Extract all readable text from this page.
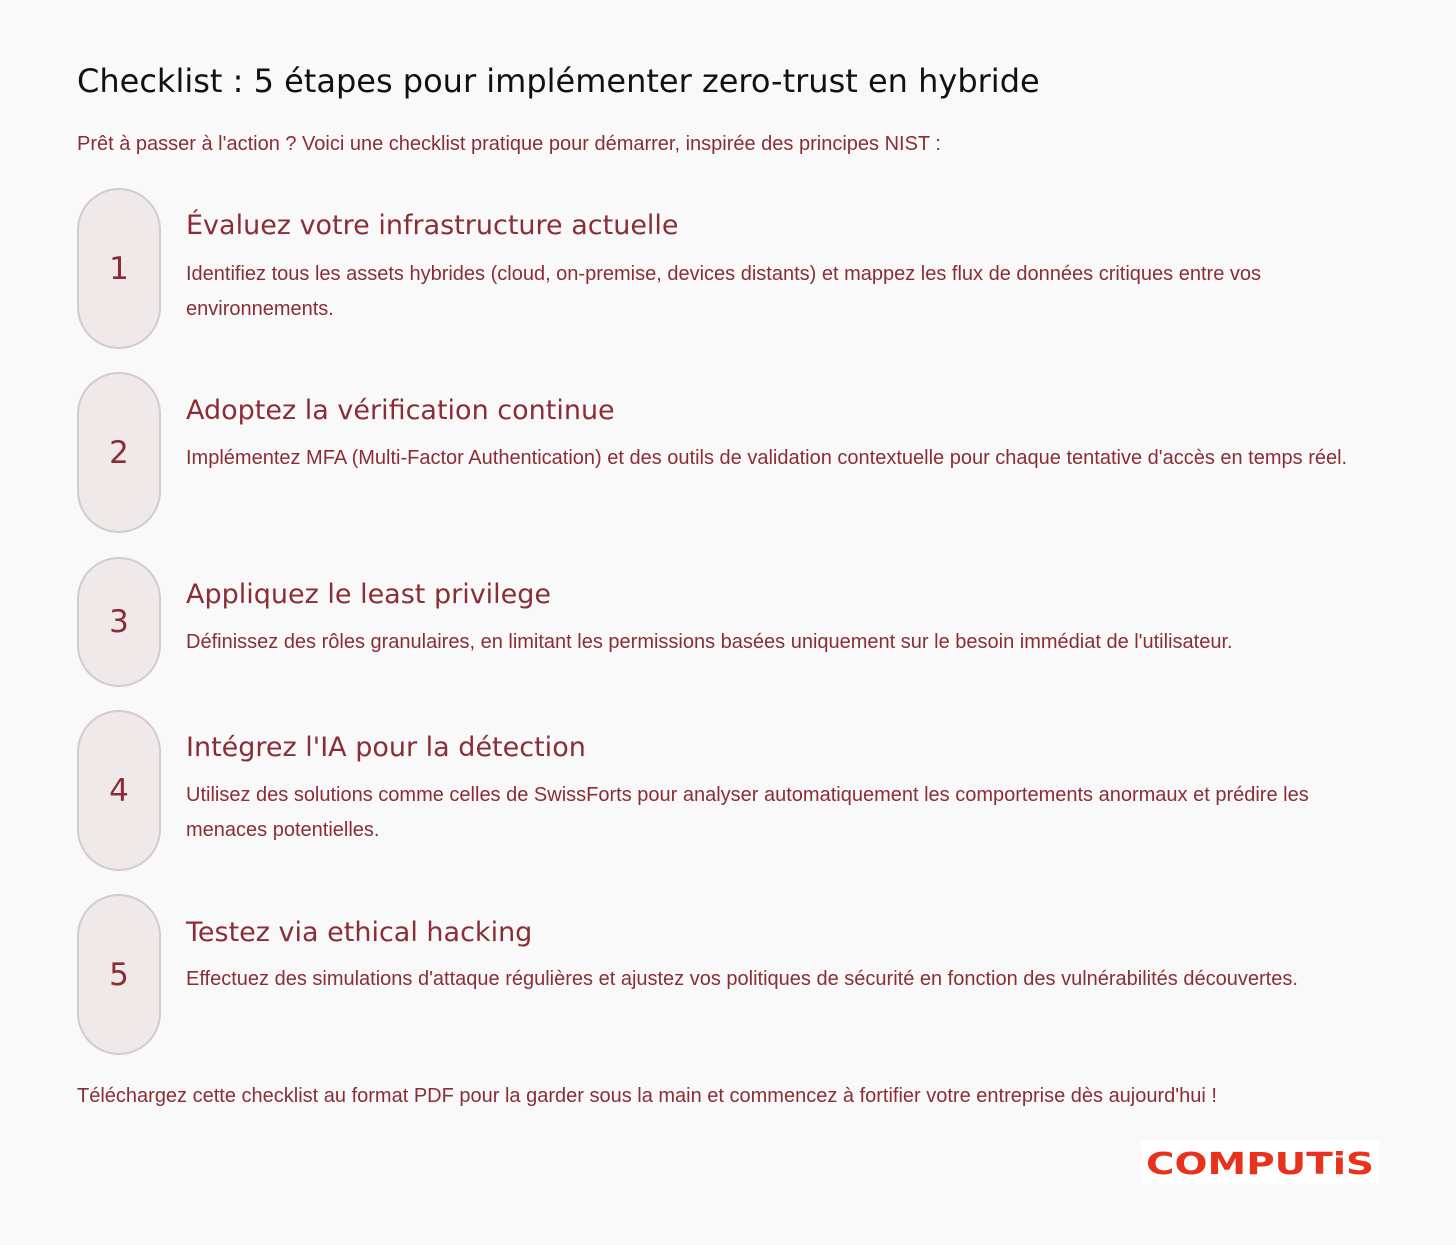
Checklist : 5 étapes pour implémenter zero-trust en hybride

Prêt à passer à l'action ? Voici une checklist pratique pour démarrer, inspirée des principes NIST :

1
Évaluez votre infrastructure actuelle

Identifiez tous les assets hybrides (cloud, on-premise, devices distants) et mappez les flux de données critiques entre vos environnements.

2
Adoptez la vérification continue

Implémentez MFA (Multi-Factor Authentication) et des outils de validation contextuelle pour chaque tentative d'accès en temps réel.

3
Appliquez le least privilege

Définissez des rôles granulaires, en limitant les permissions basées uniquement sur le besoin immédiat de l'utilisateur.

4
Intégrez l'IA pour la détection

Utilisez des solutions comme celles de SwissForts pour analyser automatiquement les comportements anormaux et prédire les menaces potentielles.

5
Testez via ethical hacking

Effectuez des simulations d'attaque régulières et ajustez vos politiques de sécurité en fonction des vulnérabilités découvertes.

Téléchargez cette checklist au format PDF pour la garder sous la main et commencez à fortifier votre entreprise dès aujourd'hui !

COMPUTiS
